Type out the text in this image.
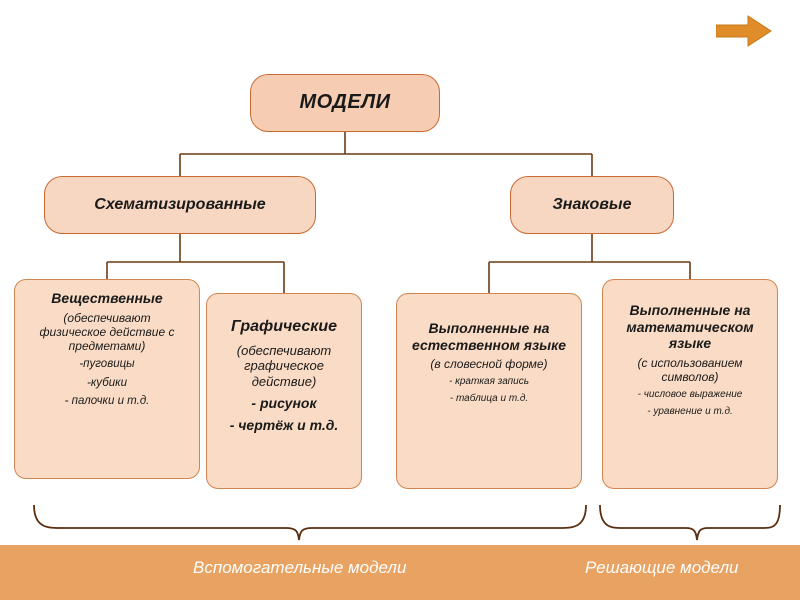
МОДЕЛИ
Схематизированные	Знаковые
Вещественные
(обеспечивают физическое действие с предметами)
-пуговицы
-кубики
- палочки и т.д.
Графические
(обеспечивают графическое действие)
- рисунок
- чертёж и т.д.
Выполненные на естественном языке
(в словесной форме)
- краткая запись
- таблица и т.д.
Выполненные на математическом языке
(с использованием символов)
- числовое выражение
- уравнение и т.д.
Вспомогательные модели	Решающие модели
